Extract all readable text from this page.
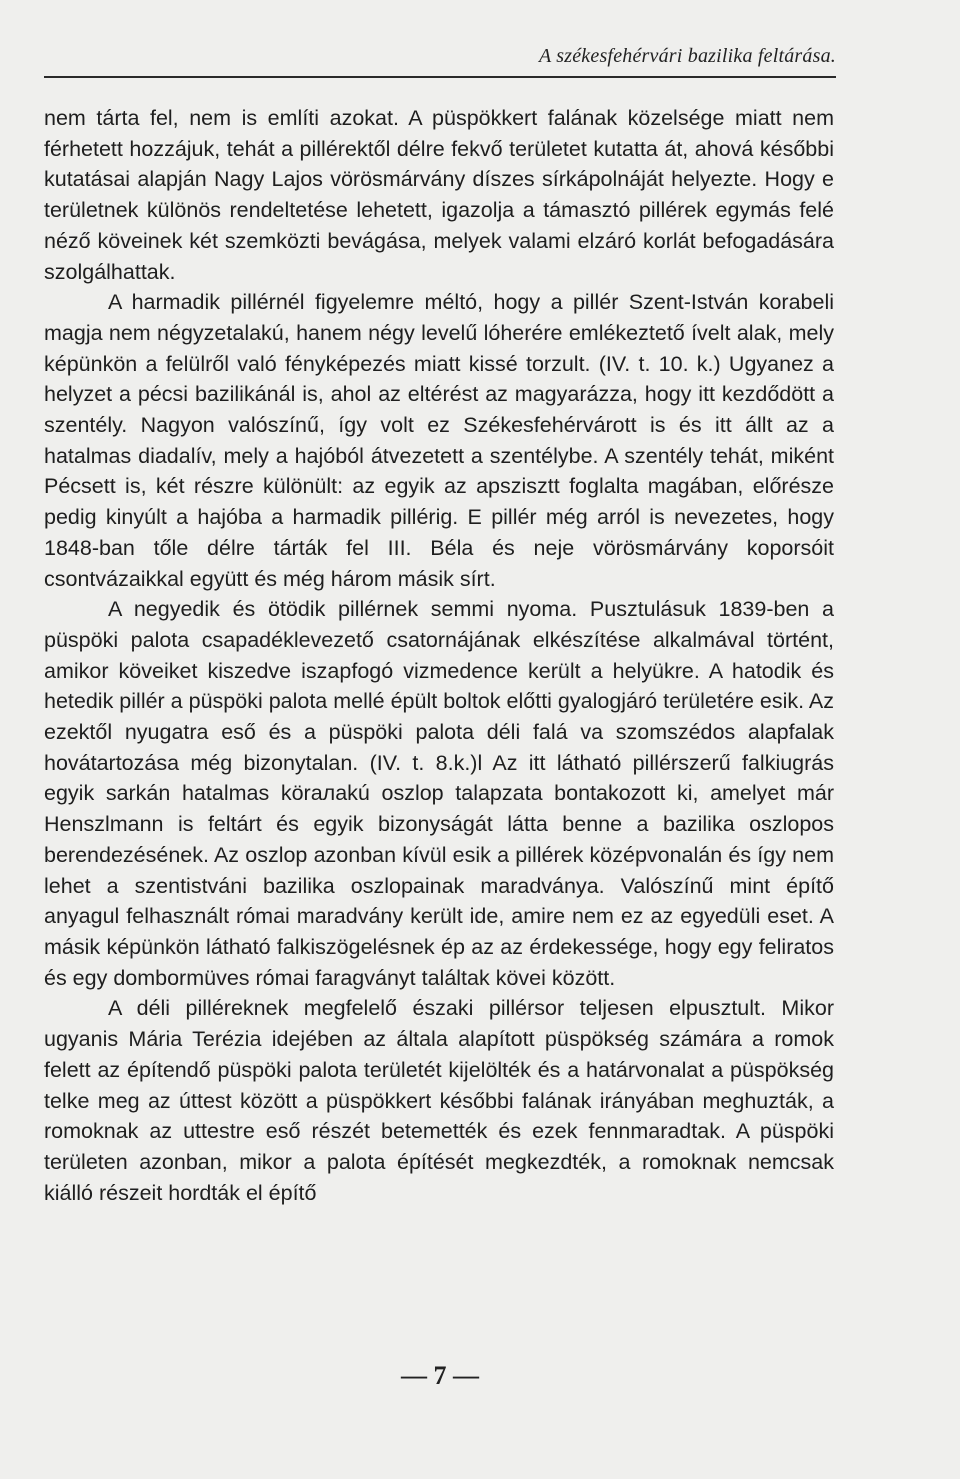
A székesfehérvári bazilika feltárása.

nem tárta fel, nem is említi azokat. A püspökkert falának közelsége miatt nem férhetett hozzájuk, tehát a pillérektől délre fekvő területet kutatta át, ahová későbbi kutatásai alapján Nagy Lajos vörösmárvány díszes sírkápolnáját helyezte. Hogy e területnek különös rendeltetése lehetett, igazolja a támasztó pillérek egymás felé néző köveinek két szemközti bevágása, melyek valami elzáró korlát befogadására szolgálhattak.

A harmadik pillérnél figyelemre méltó, hogy a pillér Szent-István korabeli magja nem négyzetalakú, hanem négy levelű lóherére emlékeztető ívelt alak, mely képünkön a felülről való fényképezés miatt kissé torzult. (IV. t. 10. k.) Ugyanez a helyzet a pécsi bazilikánál is, ahol az eltérést az magyarázza, hogy itt kezdődött a szentély. Nagyon valószínű, így volt ez Székesfehérvárott is és itt állt az a hatalmas diadalív, mely a hajóból átvezetett a szentélybe. A szentély tehát, miként Pécsett is, két részre különült: az egyik az apszisztt foglalta magában, előrésze pedig kinyúlt a hajóba a harmadik pillérig. E pillér még arról is nevezetes, hogy 1848-ban tőle délre tárták fel III. Béla és neje vörösmárvány koporsóit csontvázaikkal együtt és még három másik sírt.

A negyedik és ötödik pillérnek semmi nyoma. Pusztulásuk 1839-ben a püspöki palota csapadéklevezető csatornájának elkészítése alkalmával történt, amikor köveiket kiszedve iszapfogó vizmedence került a helyükre. A hatodik és hetedik pillér a püspöki palota mellé épült boltok előtti gyalogjáró területére esik. Az ezektől nyugatra eső és a püspöki palota déli falá va szomszédos alapfalak hovátartozása még bizonytalan. (IV. t. 8.k.)l Az itt látható pillérszerű falkiugrás egyik sarkán hatalmas körалakú oszlop talapzata bontakozott ki, amelyet már Henszlmann is feltárt és egyik bizonyságát látta benne a bazilika oszlopos berendezésének. Az oszlop azonban kívül esik a pillérek középvonalán és így nem lehet a szentistváni bazilika oszlopainak maradványa. Valószínű mint építő anyagul felhasznált római maradvány került ide, amire nem ez az egyedüli eset. A másik képünkön látható falkiszögelésnek ép az az érdekessége, hogy egy feliratos és egy dombormüves római faragványt találtak kövei között.

A déli pilléreknek megfelelő északi pillérsor teljesen elpusztult. Mikor ugyanis Mária Terézia idejében az általa alapított püspökség számára a romok felett az építendő püspöki palota területét kijelölték és a határvonalat a püspökség telke meg az úttest között a püspökkert későbbi falának irányában meghuzták, a romoknak az uttestre eső részét betemették és ezek fennmaradtak. A püspöki területen azonban, mikor a palota építését megkezdték, a romoknak nemcsak kiálló részeit hordták el építő

— 7 —
